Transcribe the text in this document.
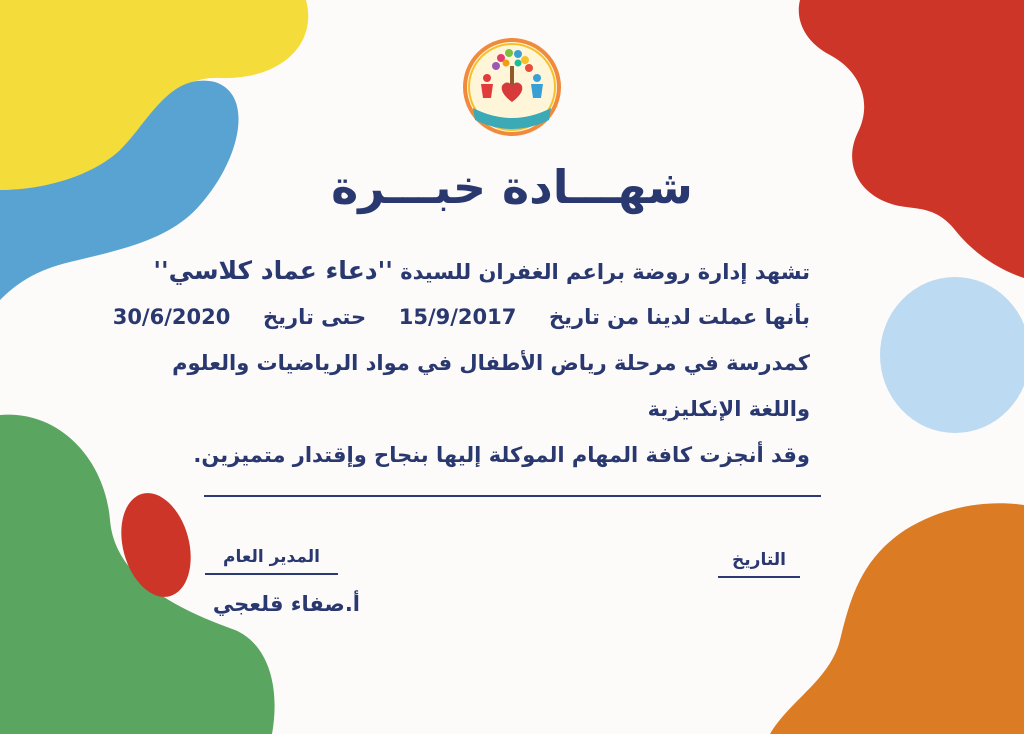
شهـــادة خبـــرة
تشهد إدارة روضة براعم الغفران للسيدة ''دعاء عماد كلاسي''
بأنها عملت لدينا من تاريخ  15/9/2017  حتى تاريخ  30/6/2020
كمدرسة في مرحلة رياض الأطفال في مواد الرياضيات والعلوم
واللغة الإنكليزية
وقد أنجزت كافة المهام الموكلة إليها بنجاح وإقتدار متميزين.
المدير العام
أ.صفاء قلعجي
التاريخ
